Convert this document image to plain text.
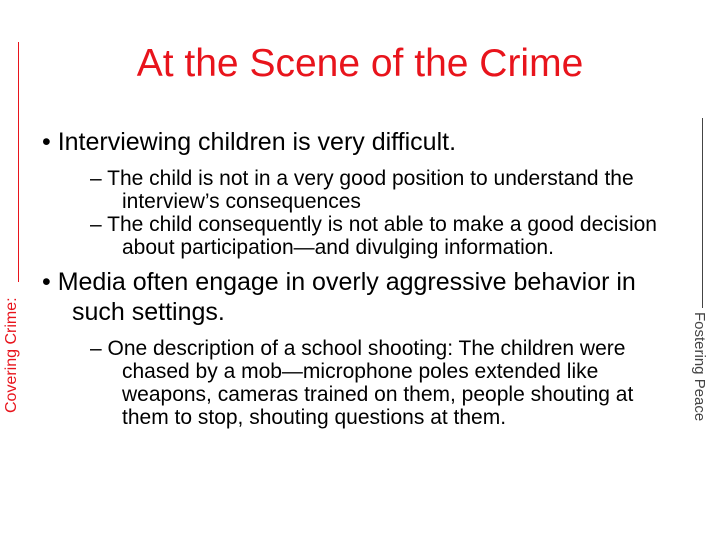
At the Scene of the Crime
Covering Crime:	Fostering Peace
• Interviewing children is very difficult.
– The child is not in a very good position to understand the interview’s consequences
– The child consequently is not able to make a good decision about participation—and divulging information.
• Media often engage in overly aggressive behavior in such settings.
– One description of a school shooting: The children were chased by a mob—microphone poles extended like weapons, cameras trained on them, people shouting at them to stop, shouting questions at them.
